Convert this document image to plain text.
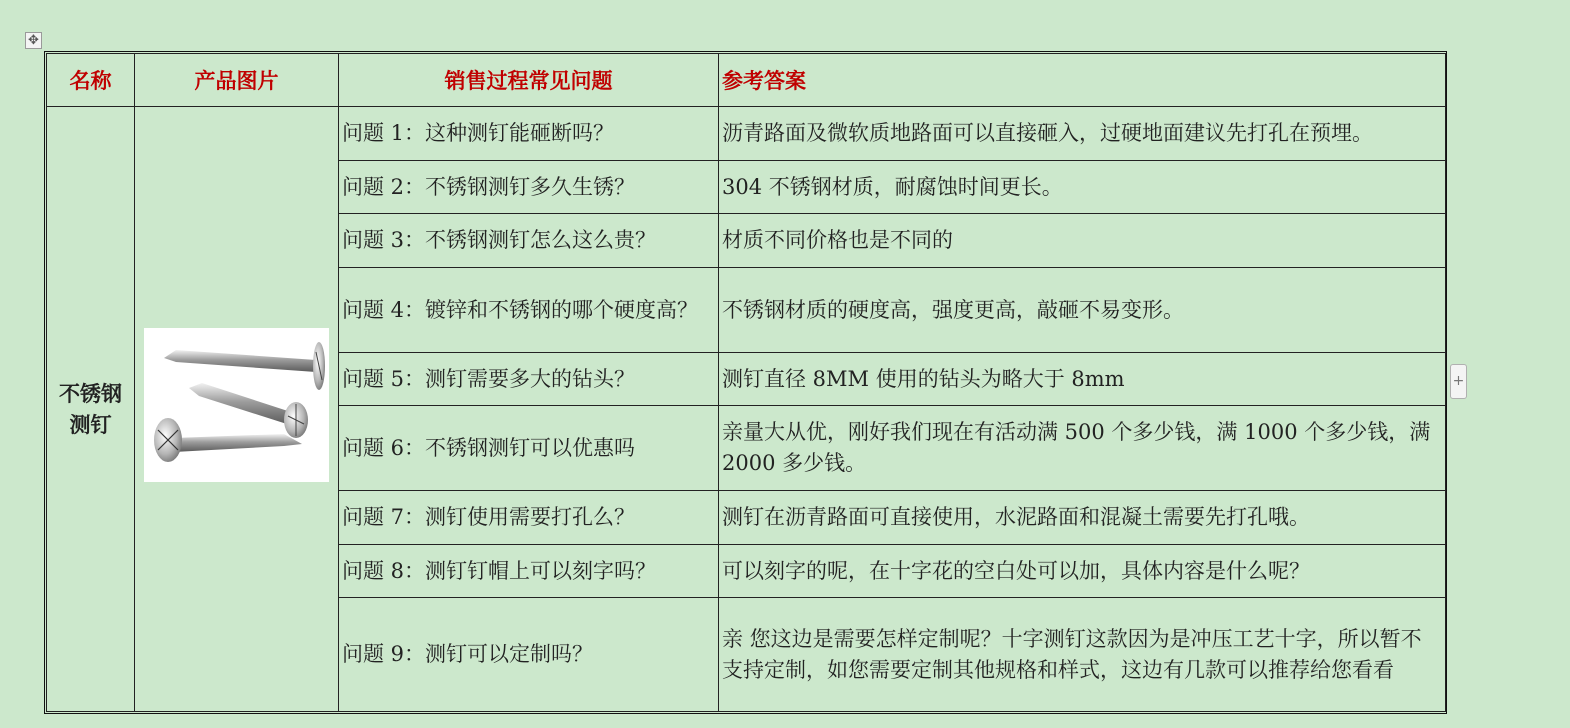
✥
名称	产品图片	销售过程常见问题	参考答案

不锈钢测钉		问题 1：这种测钉能砸断吗？	沥青路面及微软质地路面可以直接砸入，过硬地面建议先打孔在预埋。
		问题 2：不锈钢测钉多久生锈？	304 不锈钢材质，耐腐蚀时间更长。
		问题 3：不锈钢测钉怎么这么贵？	材质不同价格也是不同的
		问题 4：镀锌和不锈钢的哪个硬度高？	不锈钢材质的硬度高，强度更高，敲砸不易变形。
		问题 5：测钉需要多大的钻头？	测钉直径 8MM 使用的钻头为略大于 8mm
		问题 6：不锈钢测钉可以优惠吗	亲量大从优，刚好我们现在有活动满 500 个多少钱，满 1000 个多少钱，满 2000 多少钱。
		问题 7：测钉使用需要打孔么？	测钉在沥青路面可直接使用，水泥路面和混凝土需要先打孔哦。
		问题 8：测钉钉帽上可以刻字吗？	可以刻字的呢，在十字花的空白处可以加，具体内容是什么呢？
		问题 9：测钉可以定制吗？	亲 您这边是需要怎样定制呢？十字测钉这款因为是冲压工艺十字，所以暂不支持定制，如您需要定制其他规格和样式，这边有几款可以推荐给您看看
+
